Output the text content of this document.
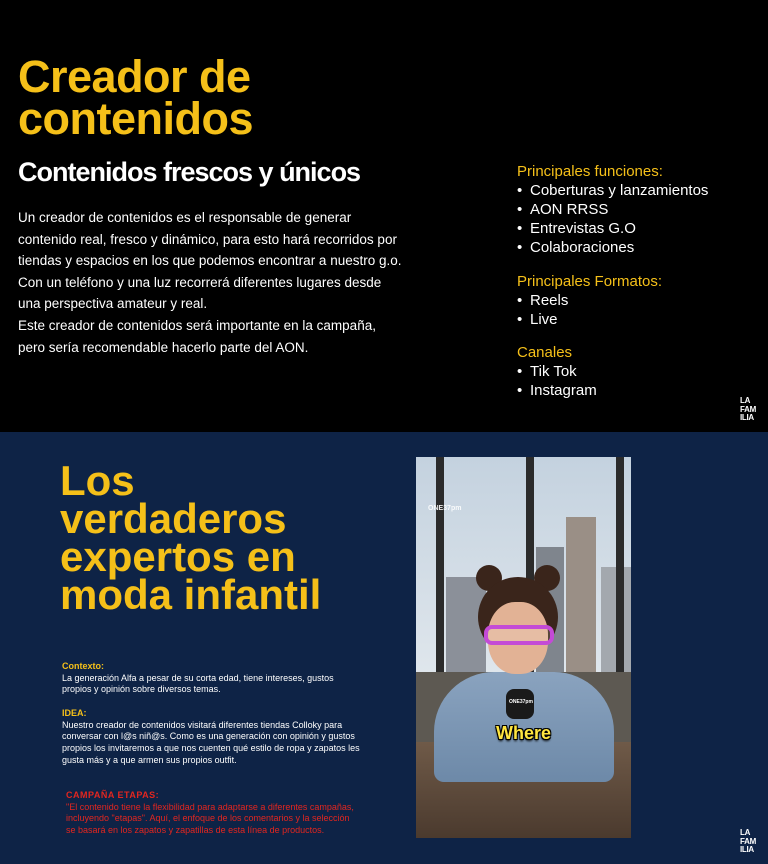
Creador de
contenidos
Contenidos frescos y únicos

Un creador de contenidos es el responsable de generar contenido real, fresco y dinámico, para esto hará recorridos por tiendas y espacios en los que podemos encontrar a nuestro g.o.

Con un teléfono y una luz recorrerá diferentes lugares desde una perspectiva amateur y real.

Este creador de contenidos será importante en la campaña, pero sería recomendable hacerlo parte del AON.

Principales funciones:
• Coberturas y lanzamientos
• AON RRSS
• Entrevistas G.O
• Colaboraciones
Principales Formatos:
• Reels
• Live
Canales
• Tik Tok
• Instagram
LA
FAM
ILIA
Los
verdaderos
expertos en
moda infantil
Contexto:

La generación Alfa a pesar de su corta edad, tiene intereses, gustos propios y opinión sobre diversos temas.

IDEA:

Nuestro creador de contenidos visitará diferentes tiendas Colloky para conversar con l@s niñ@s. Como es una generación con opinión y gustos propios los invitaremos a que nos cuenten qué estilo de ropa y zapatos les gusta más y a que armen sus propios outfit.

CAMPAÑA ETAPAS:

"El contenido tiene la flexibilidad para adaptarse a diferentes campañas, incluyendo "etapas". Aquí, el enfoque de los comentarios y la selección se basará en los zapatos y zapatillas de esta línea de productos.

ONE37pm
ONE37pm
Where
LA
FAM
ILIA
